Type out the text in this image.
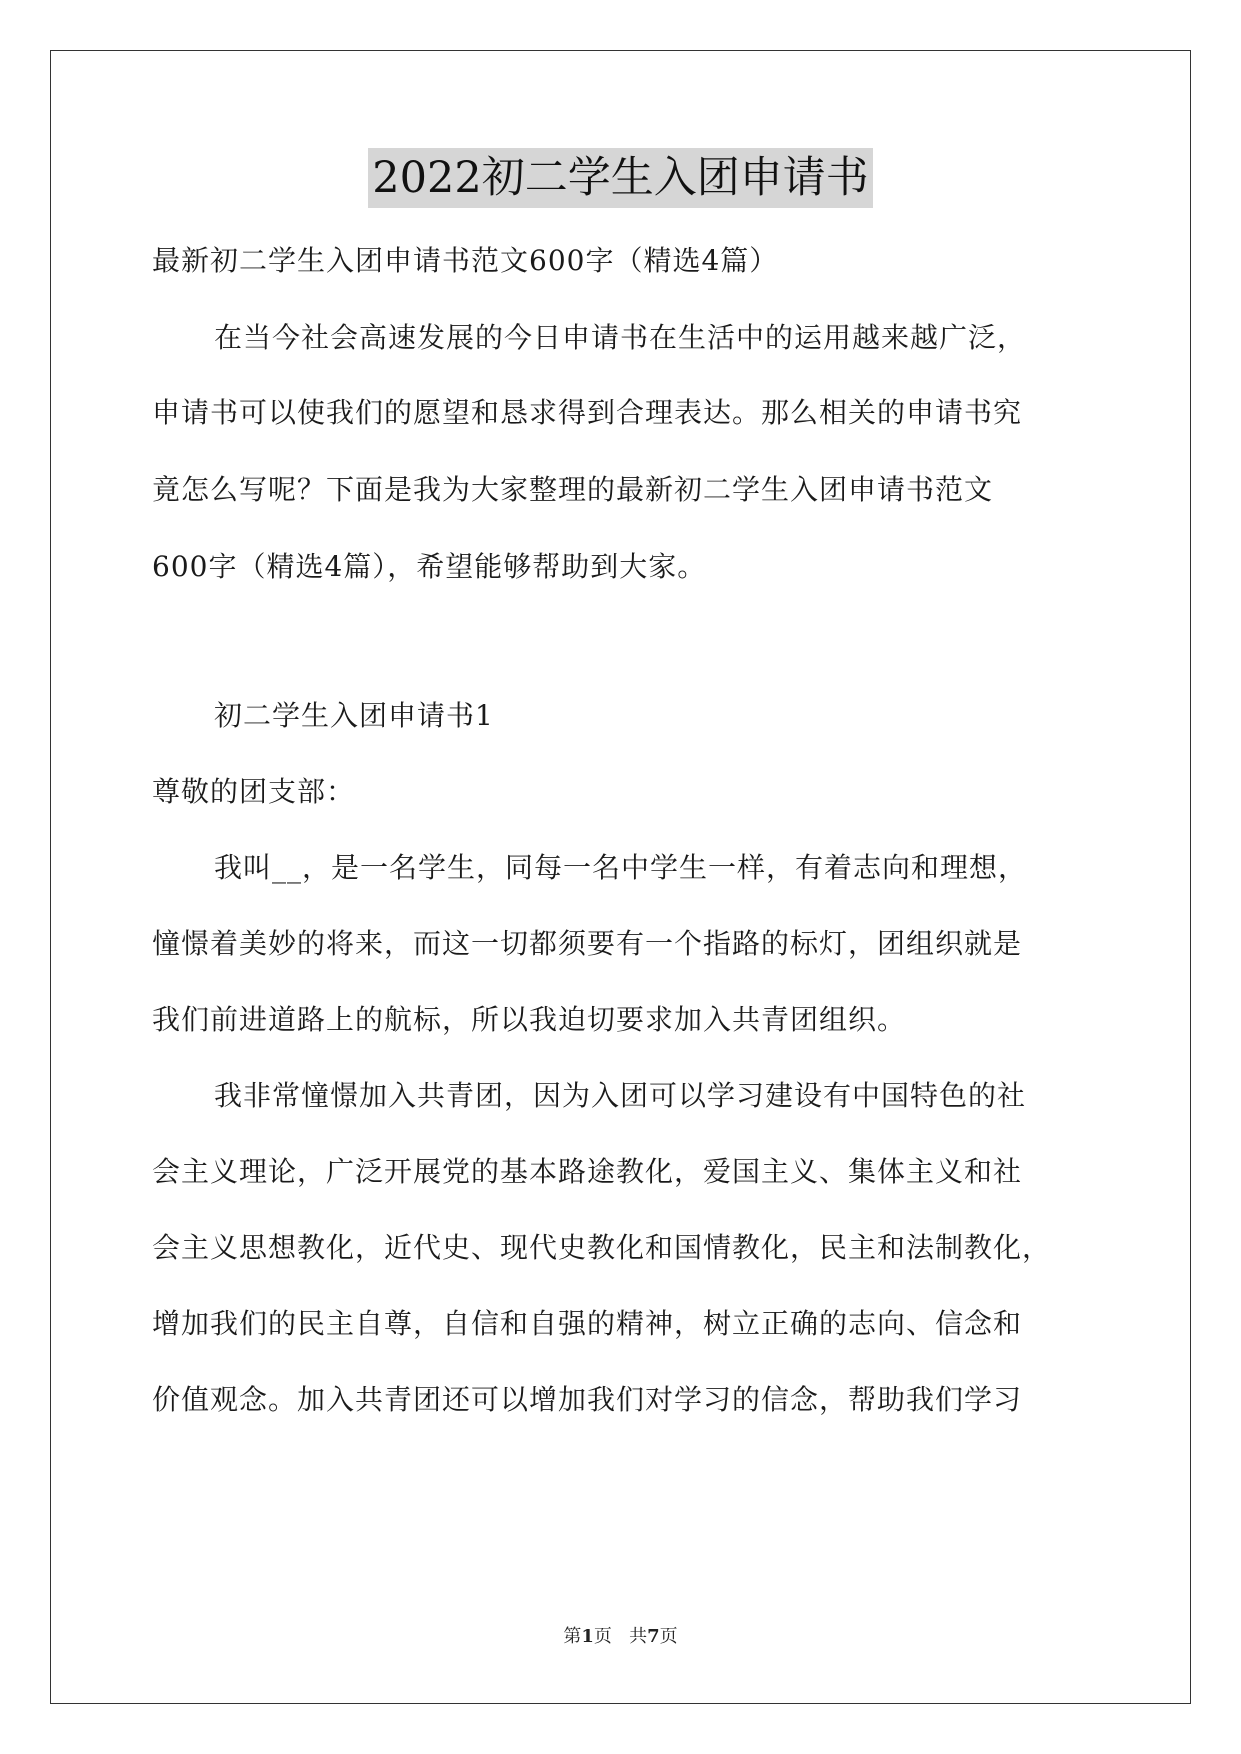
2022初二学生入团申请书
最新初二学生入团申请书范文600字（精选4篇）
在当今社会高速发展的今日申请书在生活中的运用越来越广泛，
申请书可以使我们的愿望和恳求得到合理表达。那么相关的申请书究
竟怎么写呢？下面是我为大家整理的最新初二学生入团申请书范文
600字（精选4篇），希望能够帮助到大家。
初二学生入团申请书1
尊敬的团支部：
我叫__，是一名学生，同每一名中学生一样，有着志向和理想，
憧憬着美妙的将来，而这一切都须要有一个指路的标灯，团组织就是
我们前进道路上的航标，所以我迫切要求加入共青团组织。
我非常憧憬加入共青团，因为入团可以学习建设有中国特色的社
会主义理论，广泛开展党的基本路途教化，爱国主义、集体主义和社
会主义思想教化，近代史、现代史教化和国情教化，民主和法制教化，
增加我们的民主自尊，自信和自强的精神，树立正确的志向、信念和
价值观念。加入共青团还可以增加我们对学习的信念，帮助我们学习
第1页 共7页
